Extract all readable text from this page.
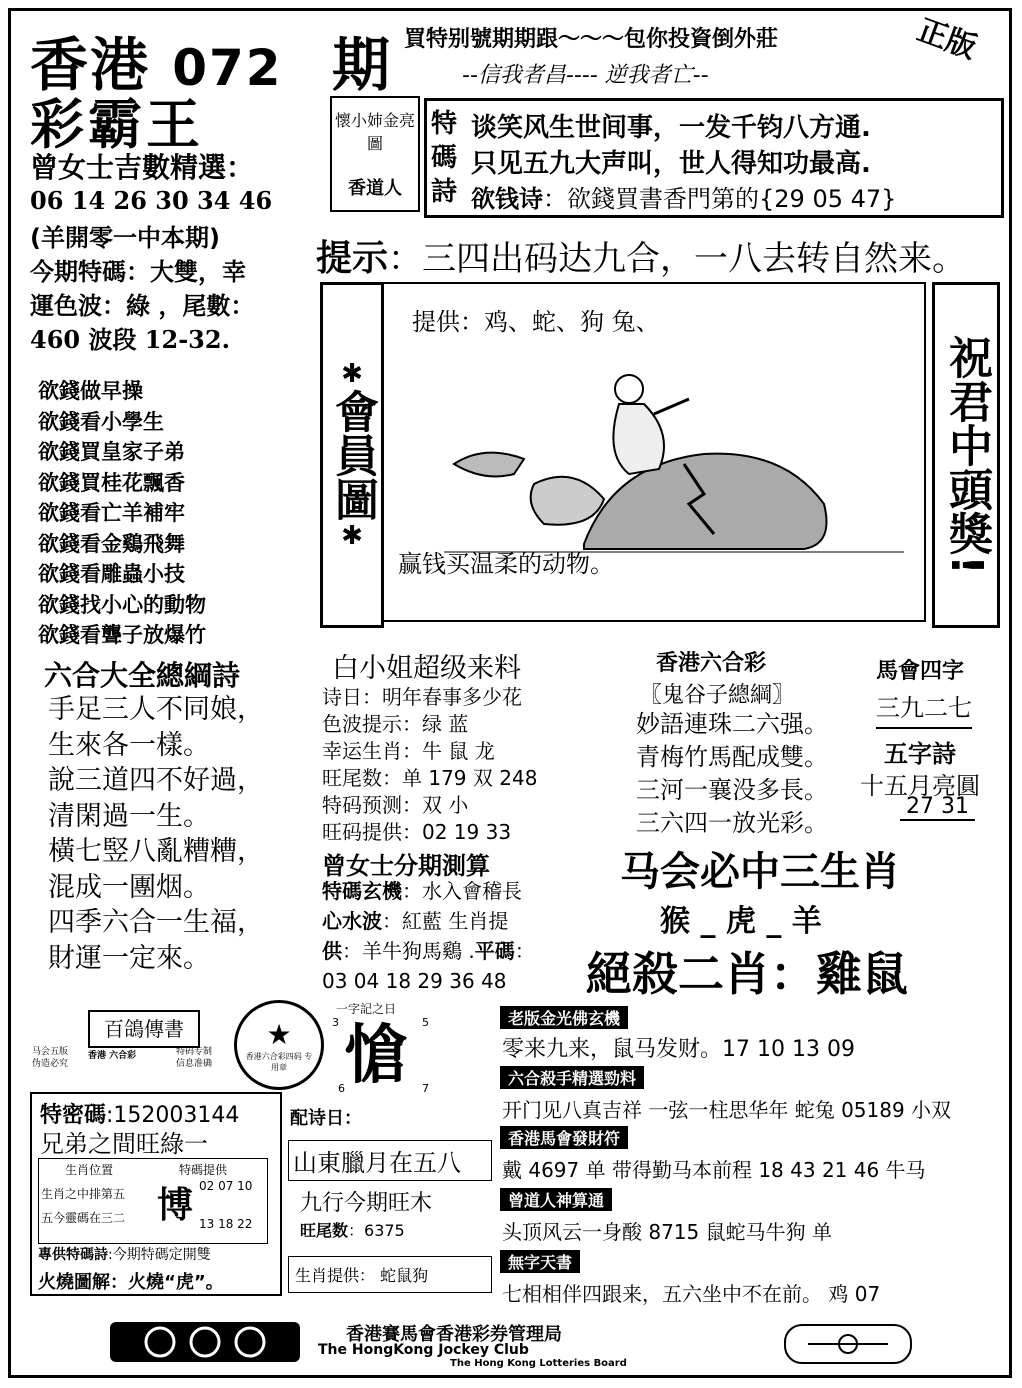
香港 072 期
彩霸王
買特别號期期跟～～～包你投資倒外莊	正版
--信我者昌---- 逆我者亡--
懷小姉金亮圖
香道人
特
碼
詩
谈笑风生世间事，一发千钧八方通.
只见五九大声叫，世人得知功最高.
欲钱诗：欲錢買書香門第的{29 05 47}
提示：三四出码达九合，一八去转自然来。
曾女士吉數精選：
06 14 26 30 34 46
(羊開零一中本期)
今期特碼：大雙，幸
運色波：綠 ，尾數：
460 波段 12-32.
欲錢做早操
欲錢看小學生
欲錢買皇家子弟
欲錢買桂花飄香
欲錢看亡羊補牢
欲錢看金鷄飛舞
欲錢看雕蟲小技
欲錢找小心的動物
欲錢看聾子放爆竹
✱
會員圖
✱
提供：鸡、蛇、狗 兔、
赢钱买温柔的动物。	祝君中頭獎!
六合大全總綱詩
手足三人不同娘，
生來各一樣。
說三道四不好過，
清閑過一生。
橫七竪八亂糟糟，
混成一團烟。
四季六合一生福，
財運一定來。
白小姐超级来料
诗日：明年春事多少花
色波提示：绿 蓝
幸运生肖：牛 鼠 龙
旺尾数：单 179 双 248
特码预测：双 小
旺码提供：02 19 33
曾女士分期測算
特碼玄機：水入會稽長
心水波：紅藍 生肖提
供：羊牛狗馬鷄 .平碼：
03 04 18 29 36 48
香港六合彩
〖鬼谷子總綱〗
妙語連珠二六强。
青梅竹馬配成雙。
三河一襄没多長。
三六四一放光彩。
馬會四字
三九二七
五字詩
十五月亮圓
27 31
马会必中三生肖
猴 _ 虎 _ 羊
絕殺二肖：雞鼠
百鴿傳書
香港 六合彩
马会五版
伪造必究
特码专制
信息准确
★
香港六合彩四码 专用章
特密碼:152003144
兄弟之間旺綠一
生肖位置	特碼提供
生肖之中排第五
五今靈碼在三二 博 02 07 10
13 18 22
專供特碼詩:今期特碼定開雙
火燒圖解：火燒“虎”。
一字記之日
3	5
愴
6	7
配诗日：
山東臘月在五八
九行今期旺木
旺尾数：6375
生肖提供： 蛇鼠狗
老版金光佛玄機
零来九来，鼠马发财。17 10 13 09
六合殺手精選勁料
开门见八真吉祥 一弦一柱思华年 蛇兔 05189 小双
香港馬會發財符
戴 4697 单 带得勤马本前程 18 43 21 46 牛马
曾道人神算通
头顶风云一身酸 8715 鼠蛇马牛狗 单
無字天書
七相相伴四跟来，五六坐中不在前。 鸡 07
香港賽馬會香港彩券管理局
The HongKong Jockey Club
The Hong Kong Lotteries Board
